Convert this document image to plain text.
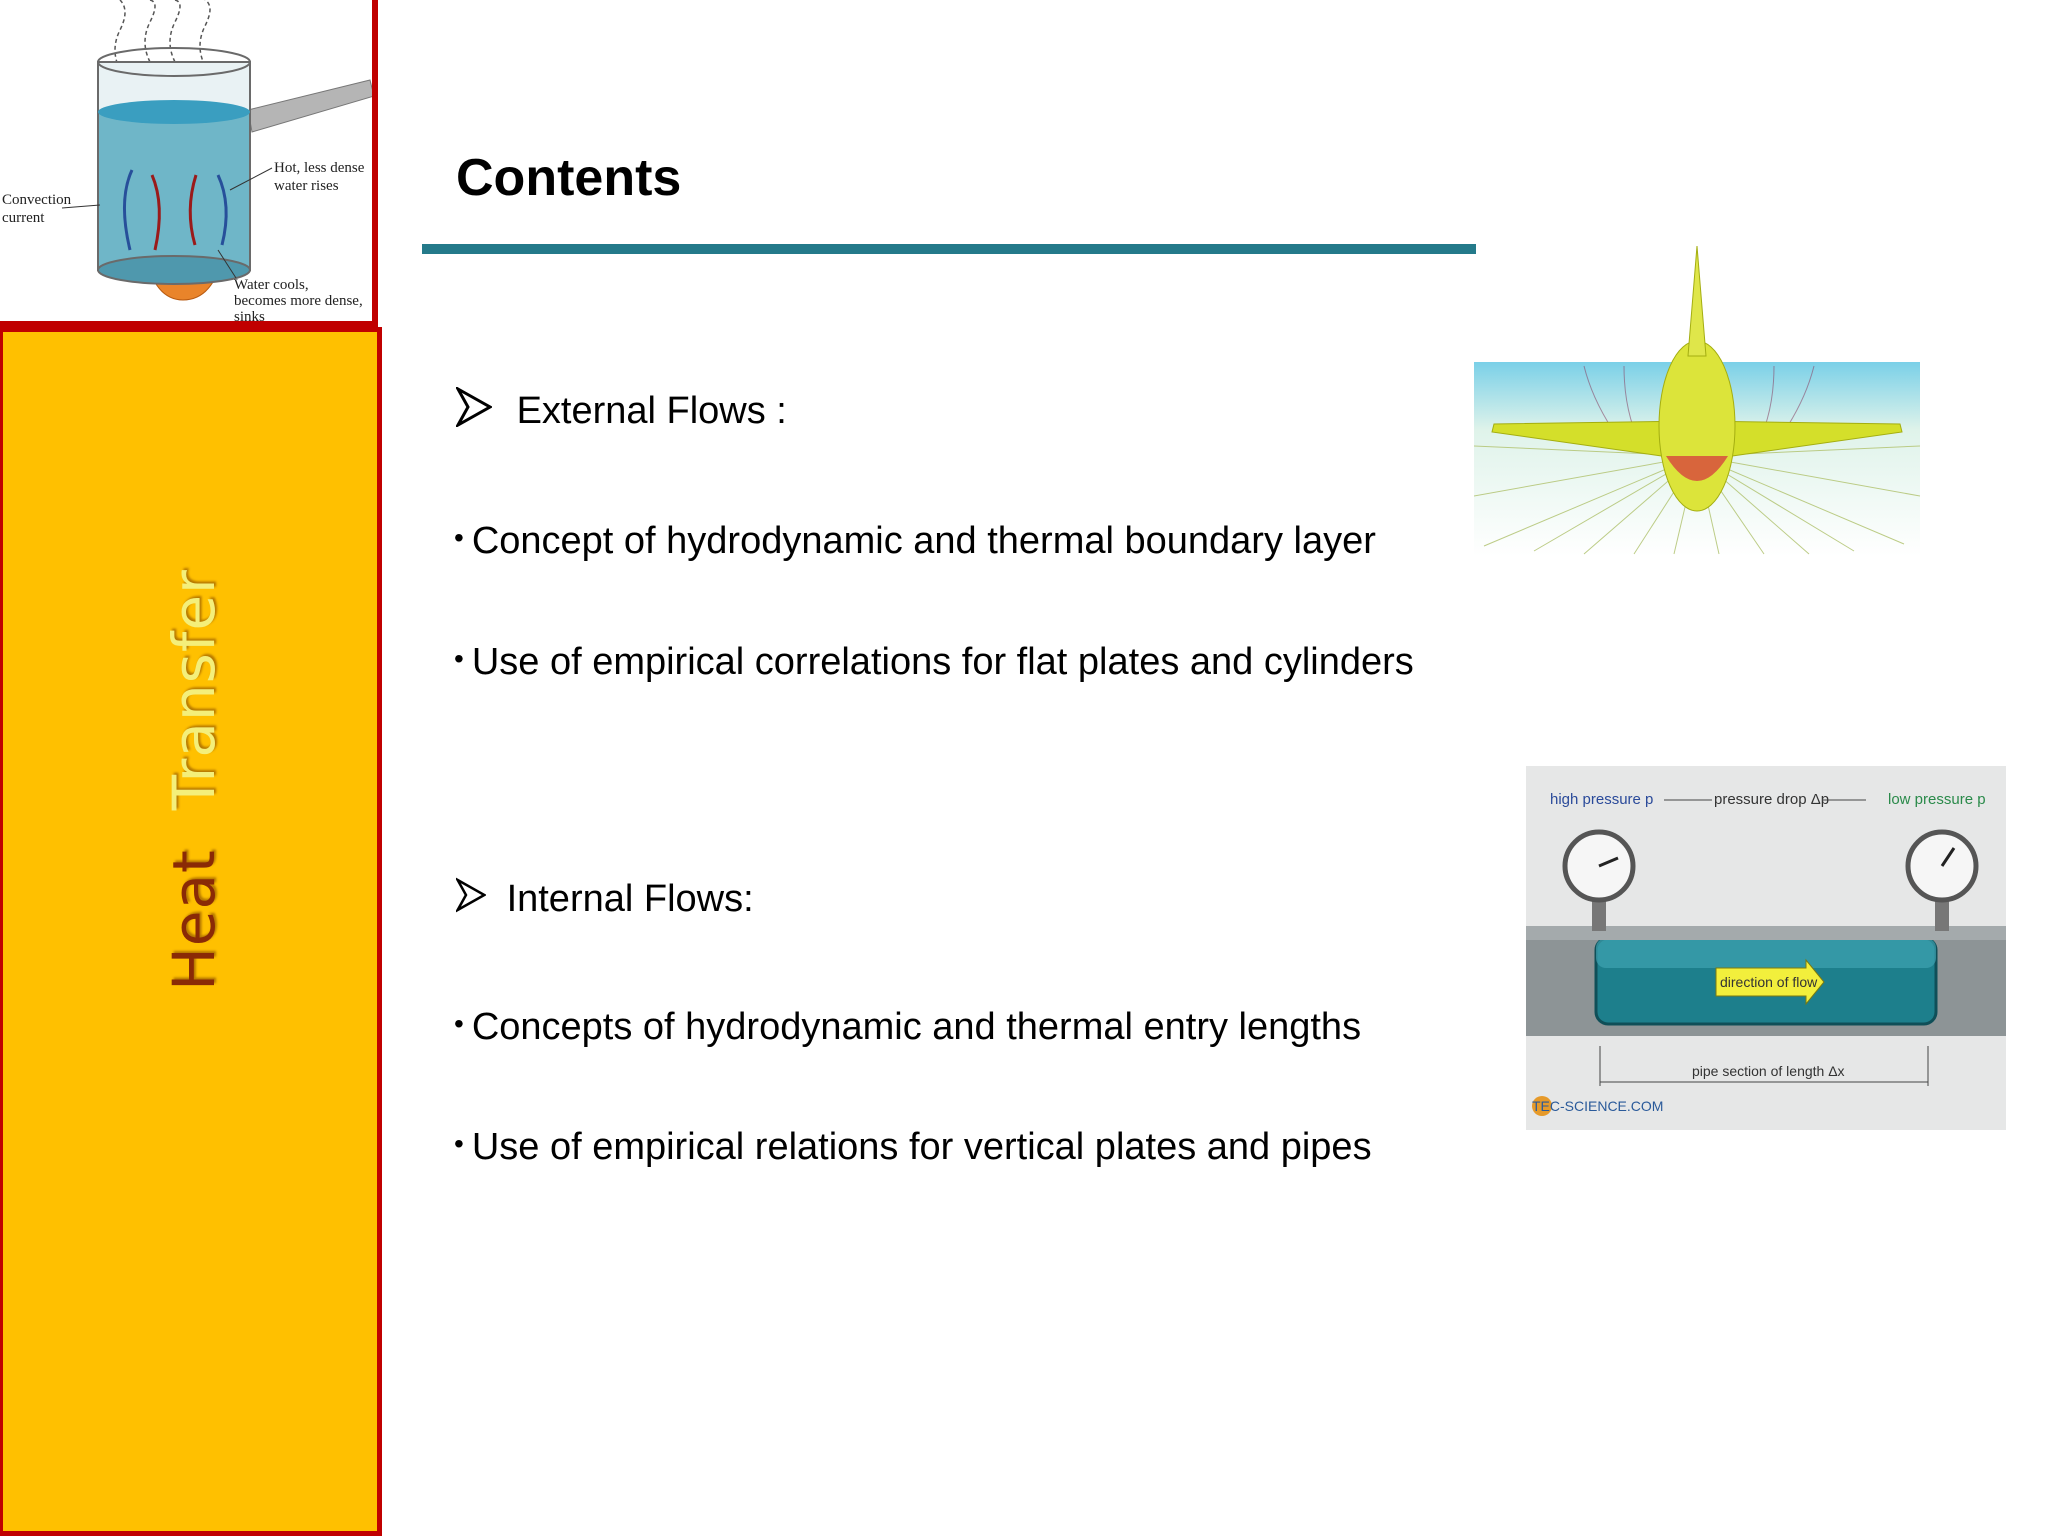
Convection
current
Hot, less dense
water rises
Water cools,
becomes more dense,
sinks
Heat  Transfer
Contents
External Flows :
• Concept of hydrodynamic and thermal boundary layer
• Use of empirical correlations for flat plates and cylinders
Internal Flows:
• Concepts of hydrodynamic and thermal entry lengths
• Use of empirical relations for vertical plates and pipes
high pressure p	pressure drop Δp	low pressure p
direction of flow
pipe section of length Δx
TEC-SCIENCE.COM
